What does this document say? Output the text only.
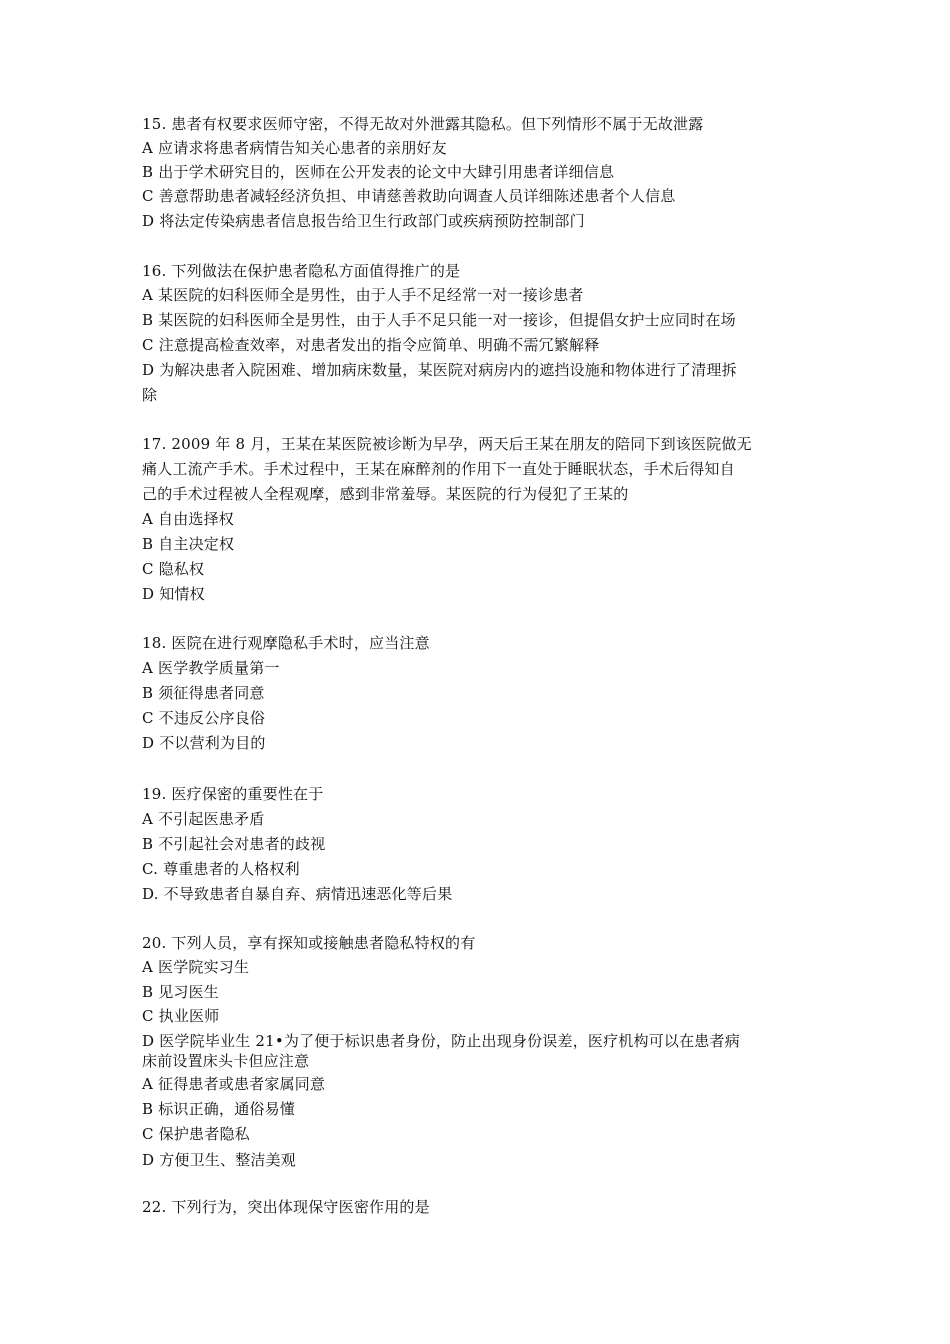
15. 患者有权要求医师守密，不得无故对外泄露其隐私。但下列情形不属于无故泄露
A 应请求将患者病情告知关心患者的亲朋好友
B 出于学术研究目的，医师在公开发表的论文中大肆引用患者详细信息
C 善意帮助患者减轻经济负担、申请慈善救助向调查人员详细陈述患者个人信息
D 将法定传染病患者信息报告给卫生行政部门或疾病预防控制部门
16. 下列做法在保护患者隐私方面值得推广的是
A 某医院的妇科医师全是男性，由于人手不足经常一对一接诊患者
B 某医院的妇科医师全是男性，由于人手不足只能一对一接诊，但提倡女护士应同时在场
C 注意提高检查效率，对患者发出的指令应简单、明确不需冗繁解释
D 为解决患者入院困难、增加病床数量，某医院对病房内的遮挡设施和物体进行了清理拆
除
17. 2009 年 8 月，王某在某医院被诊断为早孕，两天后王某在朋友的陪同下到该医院做无
痛人工流产手术。手术过程中，王某在麻醉剂的作用下一直处于睡眠状态，手术后得知自
己的手术过程被人全程观摩，感到非常羞辱。某医院的行为侵犯了王某的
A 自由选择权
B 自主决定权
C 隐私权
D 知情权
18. 医院在进行观摩隐私手术时，应当注意
A 医学教学质量第一
B 须征得患者同意
C 不违反公序良俗
D 不以营利为目的
19. 医疗保密的重要性在于
A 不引起医患矛盾
B 不引起社会对患者的歧视
C. 尊重患者的人格权利
D. 不导致患者自暴自弃、病情迅速恶化等后果
20. 下列人员，享有探知或接触患者隐私特权的有
A 医学院实习生
B 见习医生
C 执业医师
D 医学院毕业生 21•为了便于标识患者身份，防止出现身份误差，医疗机构可以在患者病
床前设置床头卡但应注意
A 征得患者或患者家属同意
B 标识正确，通俗易懂
C 保护患者隐私
D 方便卫生、整洁美观
22. 下列行为，突出体现保守医密作用的是
